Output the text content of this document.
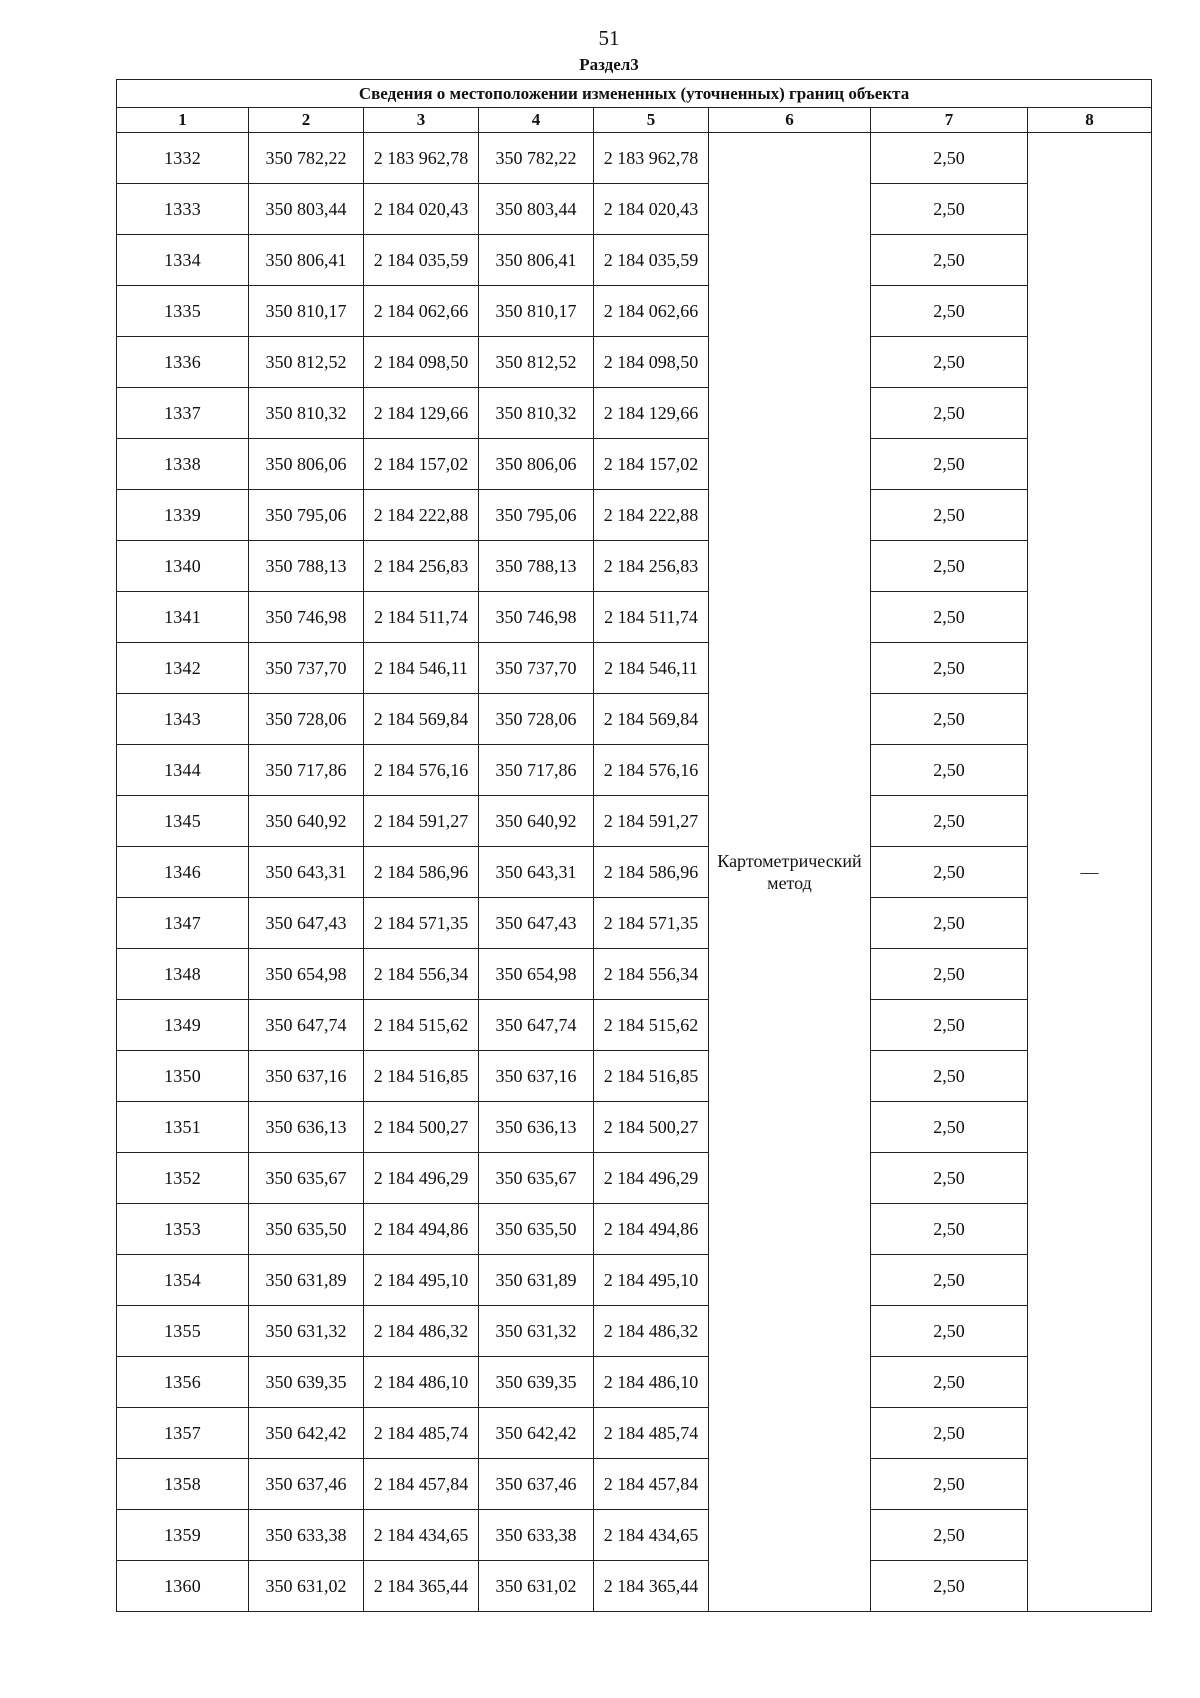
51
Раздел3
Сведения о местоположении измененных (уточненных) границ объекта							
1	2	3	4	5	6	7	8
1332	350 782,22	2 183 962,78	350 782,22	2 183 962,78	Картометрический метод	2,50	—
1333	350 803,44	2 184 020,43	350 803,44	2 184 020,43		2,50	
1334	350 806,41	2 184 035,59	350 806,41	2 184 035,59		2,50	
1335	350 810,17	2 184 062,66	350 810,17	2 184 062,66		2,50	
1336	350 812,52	2 184 098,50	350 812,52	2 184 098,50		2,50	
1337	350 810,32	2 184 129,66	350 810,32	2 184 129,66		2,50	
1338	350 806,06	2 184 157,02	350 806,06	2 184 157,02		2,50	
1339	350 795,06	2 184 222,88	350 795,06	2 184 222,88		2,50	
1340	350 788,13	2 184 256,83	350 788,13	2 184 256,83		2,50	
1341	350 746,98	2 184 511,74	350 746,98	2 184 511,74		2,50	
1342	350 737,70	2 184 546,11	350 737,70	2 184 546,11		2,50	
1343	350 728,06	2 184 569,84	350 728,06	2 184 569,84		2,50	
1344	350 717,86	2 184 576,16	350 717,86	2 184 576,16		2,50	
1345	350 640,92	2 184 591,27	350 640,92	2 184 591,27		2,50	
1346	350 643,31	2 184 586,96	350 643,31	2 184 586,96		2,50	
1347	350 647,43	2 184 571,35	350 647,43	2 184 571,35		2,50	
1348	350 654,98	2 184 556,34	350 654,98	2 184 556,34		2,50	
1349	350 647,74	2 184 515,62	350 647,74	2 184 515,62		2,50	
1350	350 637,16	2 184 516,85	350 637,16	2 184 516,85		2,50	
1351	350 636,13	2 184 500,27	350 636,13	2 184 500,27		2,50	
1352	350 635,67	2 184 496,29	350 635,67	2 184 496,29		2,50	
1353	350 635,50	2 184 494,86	350 635,50	2 184 494,86		2,50	
1354	350 631,89	2 184 495,10	350 631,89	2 184 495,10		2,50	
1355	350 631,32	2 184 486,32	350 631,32	2 184 486,32		2,50	
1356	350 639,35	2 184 486,10	350 639,35	2 184 486,10		2,50	
1357	350 642,42	2 184 485,74	350 642,42	2 184 485,74		2,50	
1358	350 637,46	2 184 457,84	350 637,46	2 184 457,84		2,50	
1359	350 633,38	2 184 434,65	350 633,38	2 184 434,65		2,50	
1360	350 631,02	2 184 365,44	350 631,02	2 184 365,44		2,50	
